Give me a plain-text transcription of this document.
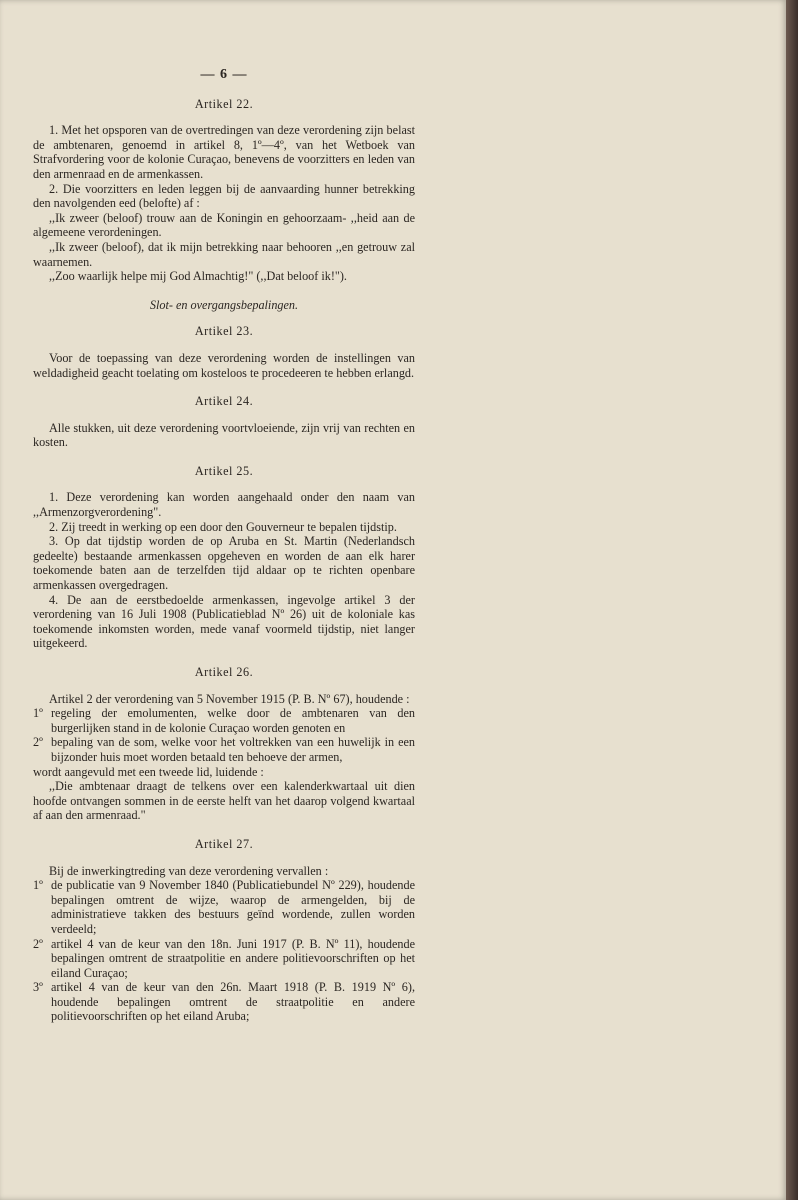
— 6 —
Artikel 22.

1. Met het opsporen van de overtredingen van deze verordening zijn belast de ambtenaren, genoemd in artikel 8, 1º—4º, van het Wetboek van Strafvordering voor de kolonie Curaçao, benevens de voorzitters en leden van den armenraad en de armenkassen.

2. Die voorzitters en leden leggen bij de aanvaarding hunner betrekking den navolgenden eed (belofte) af :

,,Ik zweer (beloof) trouw aan de Koningin en gehoorzaam- ,,heid aan de algemeene verordeningen.

,,Ik zweer (beloof), dat ik mijn betrekking naar behooren ,,en getrouw zal waarnemen.

,,Zoo waarlijk helpe mij God Almachtig!" (,,Dat beloof ik!").

Slot- en overgangsbepalingen.
Artikel 23.

Voor de toepassing van deze verordening worden de instellingen van weldadigheid geacht toelating om kosteloos te procedeeren te hebben erlangd.

Artikel 24.

Alle stukken, uit deze verordening voortvloeiende, zijn vrij van rechten en kosten.

Artikel 25.

1. Deze verordening kan worden aangehaald onder den naam van ,,Armenzorgverordening".

2. Zij treedt in werking op een door den Gouverneur te bepalen tijdstip.

3. Op dat tijdstip worden de op Aruba en St. Martin (Nederlandsch gedeelte) bestaande armenkassen opgeheven en worden de aan elk harer toekomende baten aan de terzelfden tijd aldaar op te richten openbare armenkassen overgedragen.

4. De aan de eerstbedoelde armenkassen, ingevolge artikel 3 der verordening van 16 Juli 1908 (Publicatieblad Nº 26) uit de koloniale kas toekomende inkomsten worden, mede vanaf voormeld tijdstip, niet langer uitgekeerd.

Artikel 26.

Artikel 2 der verordening van 5 November 1915 (P. B. Nº 67), houdende :

1º regeling der emolumenten, welke door de ambtenaren van den burgerlijken stand in de kolonie Curaçao worden genoten en
2º bepaling van de som, welke voor het voltrekken van een huwelijk in een bijzonder huis moet worden betaald ten behoeve der armen,

wordt aangevuld met een tweede lid, luidende :

,,Die ambtenaar draagt de telkens over een kalenderkwartaal uit dien hoofde ontvangen sommen in de eerste helft van het daarop volgend kwartaal af aan den armenraad."

Artikel 27.

Bij de inwerkingtreding van deze verordening vervallen :

1º de publicatie van 9 November 1840 (Publicatiebundel Nº 229), houdende bepalingen omtrent de wijze, waarop de armengelden, bij de administratieve takken des bestuurs geïnd wordende, zullen worden verdeeld;
2º artikel 4 van de keur van den 18n. Juni 1917 (P. B. Nº 11), houdende bepalingen omtrent de straatpolitie en andere politievoorschriften op het eiland Curaçao;
3º artikel 4 van de keur van den 26n. Maart 1918 (P. B. 1919 Nº 6), houdende bepalingen omtrent de straatpolitie en andere politievoorschriften op het eiland Aruba;
